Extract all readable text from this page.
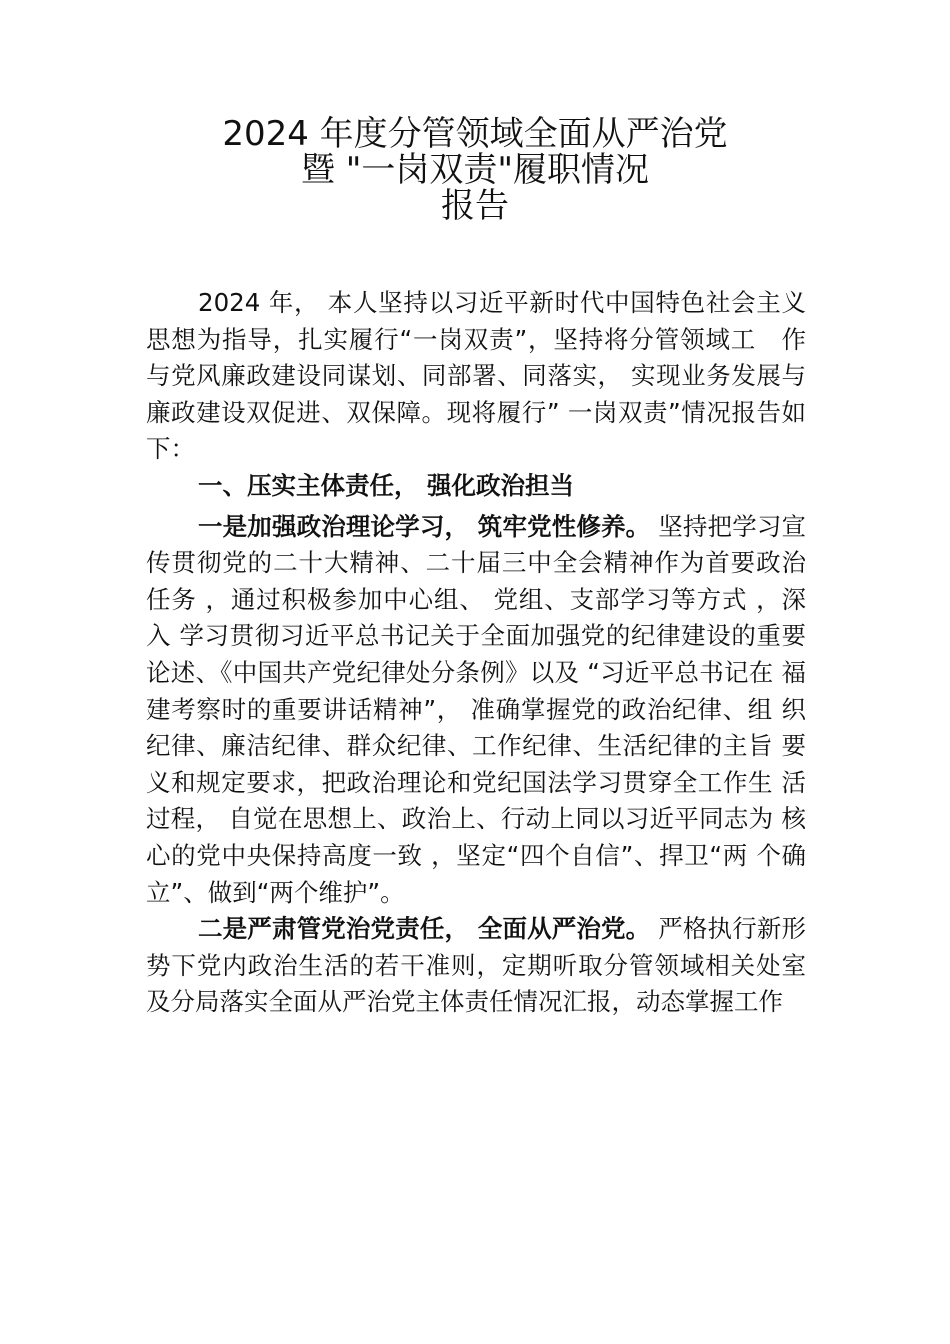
2024 年度分管领域全面从严治党
暨 "一岗双责"履职情况
报告

2024 年， 本人坚持以习近平新时代中国特色社会主义思想为指导，扎实履行“一岗双责”，坚持将分管领域工　作与党风廉政建设同谋划、同部署、同落实， 实现业务发展与廉政建设双促进、双保障。现将履行” 一岗双责”情况报告如下：

一、压实主体责任， 强化政治担当

一是加强政治理论学习， 筑牢党性修养。 坚持把学习宣 传贯彻党的二十大精神、二十届三中全会精神作为首要政治 任务 ，通过积极参加中心组、 党组、支部学习等方式 ，深入 学习贯彻习近平总书记关于全面加强党的纪律建设的重要 论述、《中国共产党纪律处分条例》以及 “习近平总书记在 福建考察时的重要讲话精神”， 准确掌握党的政治纪律、组 织纪律、廉洁纪律、群众纪律、工作纪律、生活纪律的主旨 要义和规定要求，把政治理论和党纪国法学习贯穿全工作生 活过程， 自觉在思想上、政治上、行动上同以习近平同志为 核心的党中央保持高度一致 ，坚定“四个自信”、捍卫“两 个确立”、做到“两个维护”。

二是严肃管党治党责任， 全面从严治党。 严格执行新形 势下党内政治生活的若干准则，定期听取分管领域相关处室 及分局落实全面从严治党主体责任情况汇报，动态掌握工作
